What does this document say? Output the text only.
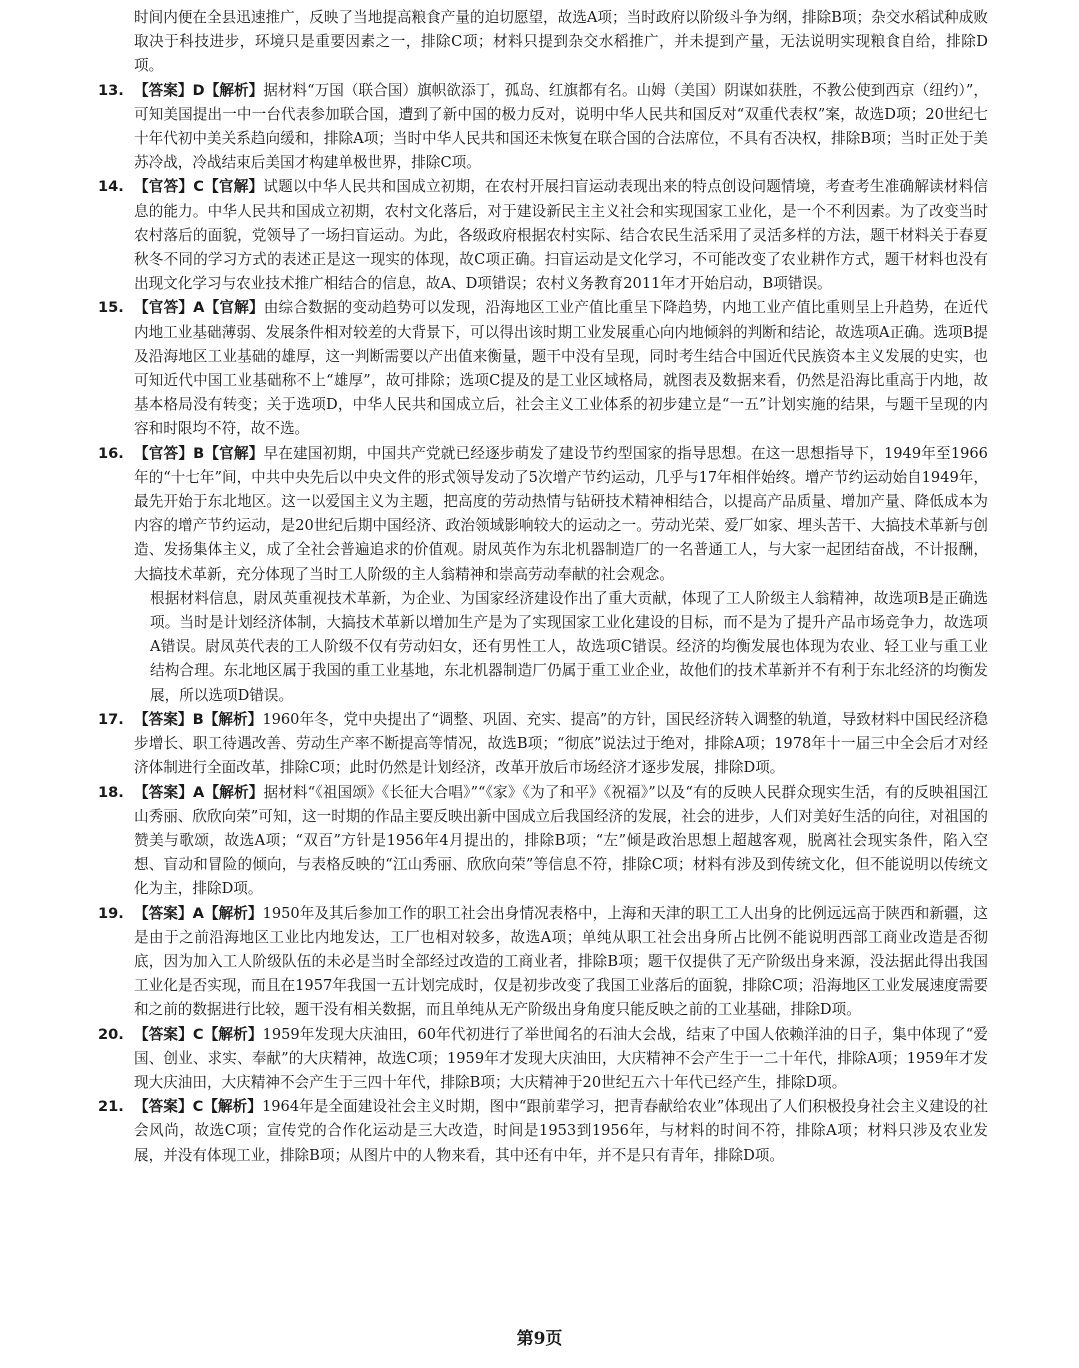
时间内便在全县迅速推广，反映了当地提高粮食产量的迫切愿望，故选A项；当时政府以阶级斗争为纲，排除B项；杂交水稻试种成败取决于科技进步，环境只是重要因素之一，排除C项；材料只提到杂交水稻推广，并未提到产量，无法说明实现粮食自给，排除D项。

13. 【答案】D【解析】据材料“万国（联合国）旗帜欲添丁，孤岛、红旗都有名。山姆（美国）阴谋如获胜，不教公使到西京（纽约）”，可知美国提出一中一台代表参加联合国，遭到了新中国的极力反对，说明中华人民共和国反对“双重代表权”案，故选D项；20世纪七十年代初中美关系趋向缓和，排除A项；当时中华人民共和国还未恢复在联合国的合法席位，不具有否决权，排除B项；当时正处于美苏冷战，冷战结束后美国才构建单极世界，排除C项。
14. 【官答】C【官解】试题以中华人民共和国成立初期，在农村开展扫盲运动表现出来的特点创设问题情境，考查考生准确解读材料信息的能力。中华人民共和国成立初期，农村文化落后，对于建设新民主主义社会和实现国家工业化，是一个不利因素。为了改变当时农村落后的面貌，党领导了一场扫盲运动。为此，各级政府根据农村实际、结合农民生活采用了灵活多样的方法，题干材料关于春夏秋冬不同的学习方式的表述正是这一现实的体现，故C项正确。扫盲运动是文化学习，不可能改变了农业耕作方式，题干材料也没有出现文化学习与农业技术推广相结合的信息，故A、D项错误；农村义务教育2011年才开始启动，B项错误。
15. 【官答】A【官解】由综合数据的变动趋势可以发现，沿海地区工业产值比重呈下降趋势，内地工业产值比重则呈上升趋势，在近代内地工业基础薄弱、发展条件相对较差的大背景下，可以得出该时期工业发展重心向内地倾斜的判断和结论，故选项A正确。选项B提及沿海地区工业基础的雄厚，这一判断需要以产出值来衡量，题干中没有呈现，同时考生结合中国近代民族资本主义发展的史实，也可知近代中国工业基础称不上“雄厚”，故可排除；选项C提及的是工业区域格局，就图表及数据来看，仍然是沿海比重高于内地，故基本格局没有转变；关于选项D，中华人民共和国成立后，社会主义工业体系的初步建立是“一五”计划实施的结果，与题干呈现的内容和时限均不符，故不选。
16. 【官答】B【官解】早在建国初期，中国共产党就已经逐步萌发了建设节约型国家的指导思想。在这一思想指导下，1949年至1966年的“十七年”间，中共中央先后以中央文件的形式领导发动了5次增产节约运动，几乎与17年相伴始终。增产节约运动始自1949年，最先开始于东北地区。这一以爱国主义为主题，把高度的劳动热情与钻研技术精神相结合，以提高产品质量、增加产量、降低成本为内容的增产节约运动，是20世纪后期中国经济、政治领域影响较大的运动之一。劳动光荣、爱厂如家、埋头苦干、大搞技术革新与创造、发扬集体主义，成了全社会普遍追求的价值观。尉凤英作为东北机器制造厂的一名普通工人，与大家一起团结奋战，不计报酬，大搞技术革新，充分体现了当时工人阶级的主人翁精神和崇高劳动奉献的社会观念。

根据材料信息，尉凤英重视技术革新，为企业、为国家经济建设作出了重大贡献，体现了工人阶级主人翁精神，故选项B是正确选项。当时是计划经济体制，大搞技术革新以增加生产是为了实现国家工业化建设的目标，而不是为了提升产品市场竞争力，故选项A错误。尉凤英代表的工人阶级不仅有劳动妇女，还有男性工人，故选项C错误。经济的均衡发展也体现为农业、轻工业与重工业结构合理。东北地区属于我国的重工业基地，东北机器制造厂仍属于重工业企业，故他们的技术革新并不有利于东北经济的均衡发展，所以选项D错误。

17. 【答案】B【解析】1960年冬，党中央提出了“调整、巩固、充实、提高”的方针，国民经济转入调整的轨道，导致材料中国民经济稳步增长、职工待遇改善、劳动生产率不断提高等情况，故选B项；“彻底”说法过于绝对，排除A项；1978年十一届三中全会后才对经济体制进行全面改革，排除C项；此时仍然是计划经济，改革开放后市场经济才逐步发展，排除D项。
18. 【答案】A【解析】据材料“《祖国颂》《长征大合唱》”“《家》《为了和平》《祝福》”以及“有的反映人民群众现实生活，有的反映祖国江山秀丽、欣欣向荣”可知，这一时期的作品主要反映出新中国成立后我国经济的发展，社会的进步，人们对美好生活的向往，对祖国的赞美与歌颂，故选A项；“双百”方针是1956年4月提出的，排除B项；“左”倾是政治思想上超越客观，脱离社会现实条件，陷入空想、盲动和冒险的倾向，与表格反映的“江山秀丽、欣欣向荣”等信息不符，排除C项；材料有涉及到传统文化，但不能说明以传统文化为主，排除D项。
19. 【答案】A【解析】1950年及其后参加工作的职工社会出身情况表格中，上海和天津的职工工人出身的比例远远高于陕西和新疆，这是由于之前沿海地区工业比内地发达，工厂也相对较多，故选A项；单纯从职工社会出身所占比例不能说明西部工商业改造是否彻底，因为加入工人阶级队伍的未必是当时全部经过改造的工商业者，排除B项；题干仅提供了无产阶级出身来源，没法据此得出我国工业化是否实现，而且在1957年我国一五计划完成时，仅是初步改变了我国工业落后的面貌，排除C项；沿海地区工业发展速度需要和之前的数据进行比较，题干没有相关数据，而且单纯从无产阶级出身角度只能反映之前的工业基础，排除D项。
20. 【答案】C【解析】1959年发现大庆油田，60年代初进行了举世闻名的石油大会战，结束了中国人依赖洋油的日子，集中体现了“爱国、创业、求实、奉献”的大庆精神，故选C项；1959年才发现大庆油田，大庆精神不会产生于一二十年代，排除A项；1959年才发现大庆油田，大庆精神不会产生于三四十年代，排除B项；大庆精神于20世纪五六十年代已经产生，排除D项。
21. 【答案】C【解析】1964年是全面建设社会主义时期，图中“跟前辈学习，把青春献给农业”体现出了人们积极投身社会主义建设的社会风尚，故选C项；宣传党的合作化运动是三大改造，时间是1953到1956年，与材料的时间不符，排除A项；材料只涉及农业发展，并没有体现工业，排除B项；从图片中的人物来看，其中还有中年，并不是只有青年，排除D项。
第9页
